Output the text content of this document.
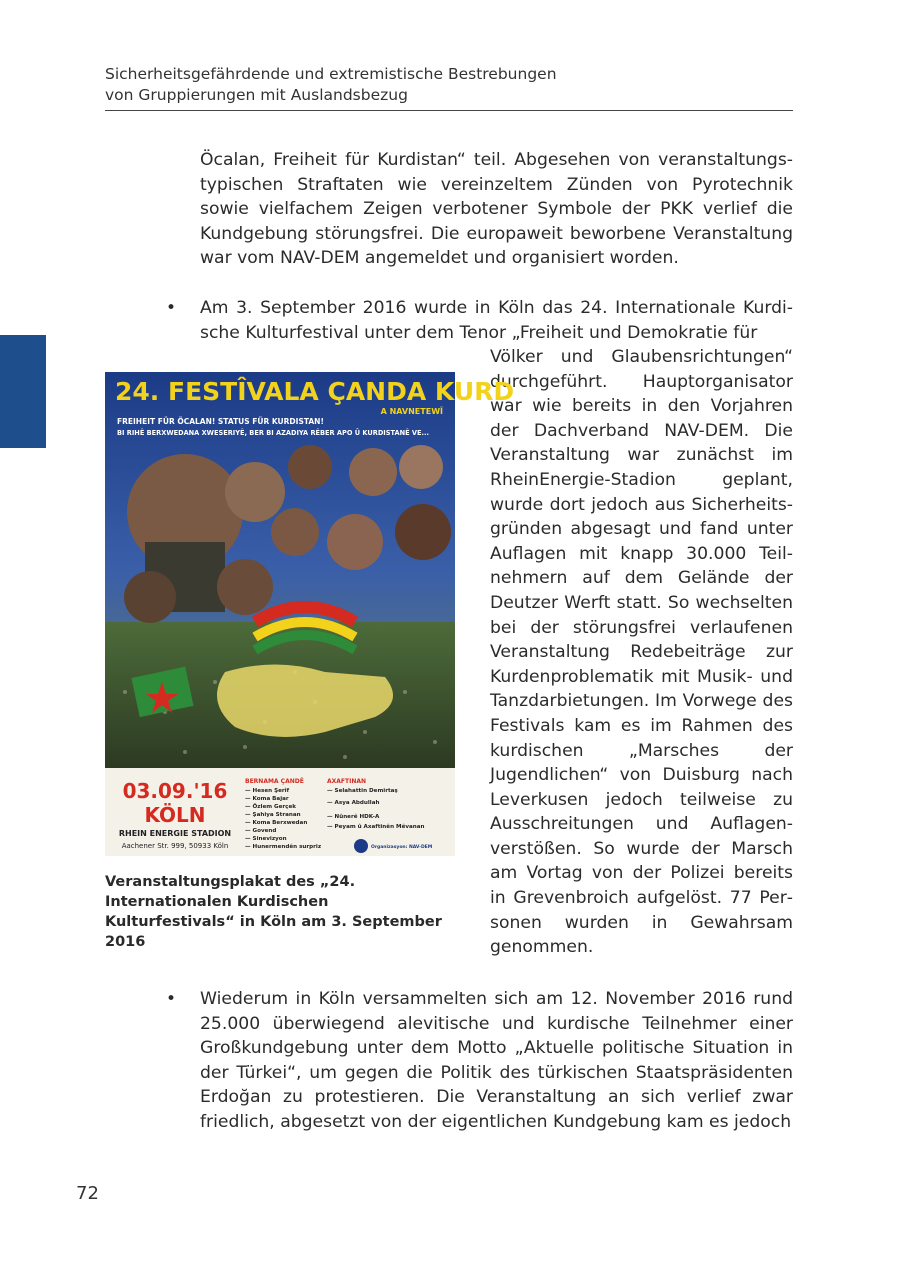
Sicherheitsgefährdende und extremistische Bestrebungen
von Gruppierungen mit Auslandsbezug
Öcalan, Freiheit für Kurdistan“ teil. Abgesehen von veranstaltungstypischen Straftaten wie vereinzeltem Zünden von Pyrotechnik sowie vielfachem Zeigen verbotener Symbole der PKK verlief die Kundgebung störungsfrei. Die europaweit beworbene Veranstaltung war vom NAV-DEM angemeldet und organisiert worden.
• Am 3. September 2016 wurde in Köln das 24. Internationale Kurdische Kulturfestival unter dem Tenor „Freiheit und Demokratie für
Völker und Glaubensrichtungen“ durchgeführt. Hauptorganisator war wie bereits in den Vorjahren der Dachverband NAV-DEM. Die Veranstaltung war zunächst im RheinEnergie-Stadion geplant, wurde dort jedoch aus Sicherheitsgründen abgesagt und fand unter Auflagen mit knapp 30.000 Teilnehmern auf dem Gelände der Deutzer Werft statt. So wechselten bei der störungsfrei verlaufenen Veranstaltung Redebeiträge zur Kurdenproblematik mit Musik- und Tanzdarbietungen. Im Vorwege des Festivals kam es im Rahmen des kurdischen „Marsches der Jugendlichen“ von Duisburg nach Leverkusen jedoch teilweise zu Ausschreitungen und Auflagenverstößen. So wurde der Marsch am Vortag von der Polizei bereits in Grevenbroich aufgelöst. 77 Personen wurden in Gewahrsam genommen.
24. FESTÎVALA ÇANDA KURD
A NAVNETEWÎ
FREIHEIT FÜR ÖCALAN! STATUS FÜR KURDISTAN!
BI RIHÊ BERXWEDANA XWESERIYÊ, BER BI AZADIYA RÊBER APO Û KURDISTANÊ VE...
03.09.'16
KÖLN
RHEIN ENERGIE STADION
Aachener Str. 999, 50933 Köln
BERNAMA ÇANDÊ
— Hesen Şerîf
— Koma Bajar
— Özlem Gerçek
— Şahiya Stranan
— Koma Berxwedan
— Govend
— Sinevizyon
— Hunermendên surpriz
AXAFTINAN
— Selahattin Demirtaş
— Asya Abdullah
— Nûnerê HDK-A
— Peyam û Axaftinên Mêvanan
Organîzasyon: NAV-DEM
Veranstaltungsplakat des „24. Internationalen Kurdischen Kulturfestivals“ in Köln am 3. September 2016
• Wiederum in Köln versammelten sich am 12. November 2016 rund 25.000 überwiegend alevitische und kurdische Teilnehmer einer Großkundgebung unter dem Motto „Aktuelle politische Situation in der Türkei“, um gegen die Politik des türkischen Staatspräsidenten Erdoğan zu protestieren. Die Veranstaltung an sich verlief zwar friedlich, abgesetzt von der eigentlichen Kundgebung kam es jedoch
72
